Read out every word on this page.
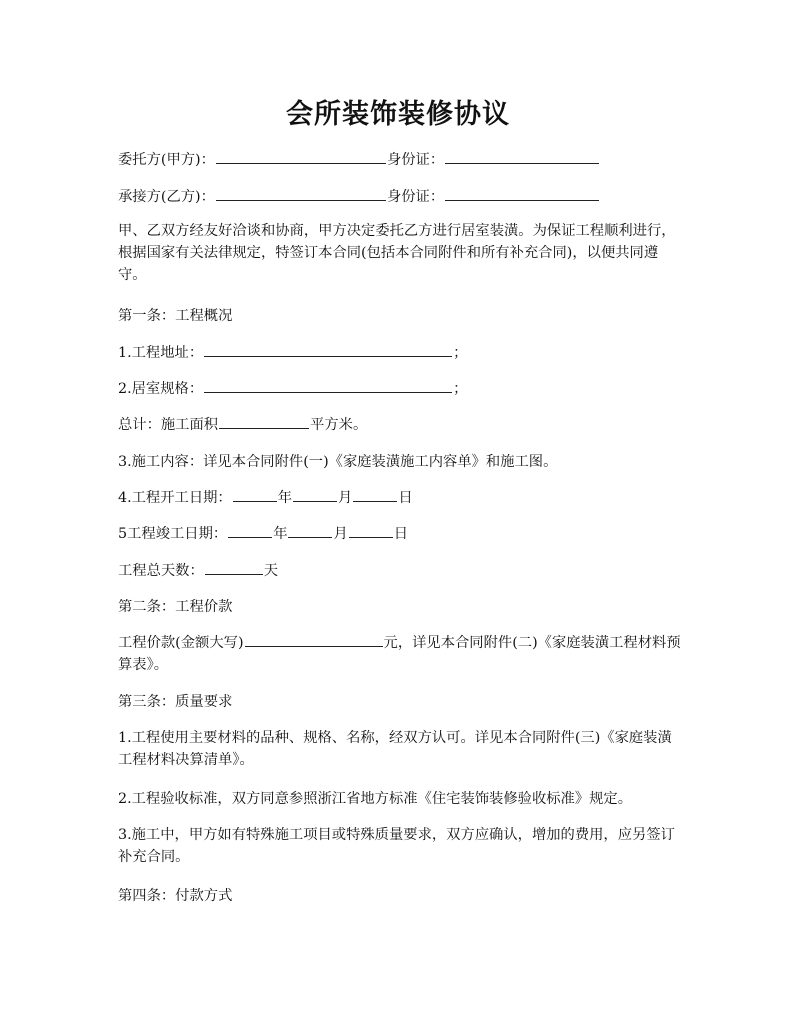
会所装饰装修协议
委托方(甲方)：	身份证：
承接方(乙方)：	身份证：
甲、乙双方经友好洽谈和协商，甲方决定委托乙方进行居室装潢。为保证工程顺利进行，根据国家有关法律规定，特签订本合同(包括本合同附件和所有补充合同)，以便共同遵守。
第一条：工程概况
1.工程地址：	；
2.居室规格：	；
总计：施工面积	平方米。
3.施工内容：详见本合同附件(一)《家庭装潢施工内容单》和施工图。
4.工程开工日期：	年	月	日
5工程竣工日期：	年	月	日
工程总天数：	天
第二条：工程价款
工程价款(金额大写)	元，详见本合同附件(二)《家庭装潢工程材料预算表》。
第三条：质量要求
1.工程使用主要材料的品种、规格、名称，经双方认可。详见本合同附件(三)《家庭装潢工程材料决算清单》。
2.工程验收标准，双方同意参照浙江省地方标准《住宅装饰装修验收标准》规定。
3.施工中，甲方如有特殊施工项目或特殊质量要求，双方应确认，增加的费用，应另签订补充合同。
第四条：付款方式
